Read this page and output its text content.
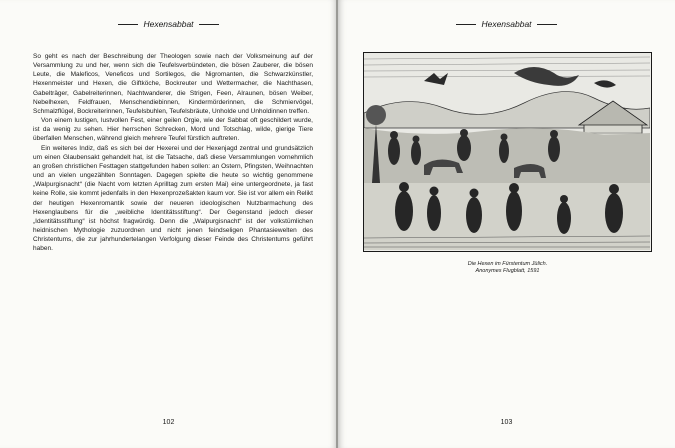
Hexensabbat

So geht es nach der Beschreibung der Theologen sowie nach der Volksmeinung auf der Versammlung zu und her, wenn sich die Teufelsverbündeten, die bösen Zauberer, die bösen Leute, die Maleficos, Veneficos und Sortilegos, die Nigromanten, die Schwarzkünstler, Hexenmeister und Hexen, die Giftköche, Bockreuter und Wettermacher, die Nachthasen, Gabelträger, Gabelreiterinnen, Nachtwanderer, die Strigen, Feen, Alraunen, bösen Weiber, Nebelhexen, Feldfrauen, Menschendiebinnen, Kindermörderinnen, die Schmiervögel, Schmalzflügel, Bockreiterinnen, Teufelsbuhlen, Teufelsbräute, Unholde und Unholdinnen treffen.

Von einem lustigen, lustvollen Fest, einer geilen Orgie, wie der Sabbat oft geschildert wurde, ist da wenig zu sehen. Hier herrschen Schrecken, Mord und Totschlag, wilde, gierige Tiere überfallen Menschen, während gleich mehrere Teufel fürstlich auftreten.

Ein weiteres Indiz, daß es sich bei der Hexerei und der Hexenjagd zentral und grundsätzlich um einen Glaubensakt gehandelt hat, ist die Tatsache, daß diese Versammlungen vornehmlich an großen christlichen Festtagen stattgefunden haben sollen: an Ostern, Pfingsten, Weihnachten und an vielen ungezählten Sonntagen. Dagegen spielte die heute so wichtig genommene „Walpurgisnacht“ (die Nacht vom letzten Aprilltag zum ersten Mai) eine untergeordnete, ja fast keine Rolle, sie kommt jedenfalls in den Hexenprozeßakten kaum vor. Sie ist vor allem ein Relikt der heutigen Hexenromantik sowie der neueren ideologischen Nutzbarmachung des Hexenglaubens für die „weibliche Identitätsstiftung“. Der Gegenstand jedoch dieser „Identitätsstiftung“ ist höchst fragwürdig. Denn die „Walpurgisnacht“ ist der volkstümlichen heidnischen Mythologie zuzuordnen und nicht jenen feindseligen Phantasiewelten des Christentums, die zur jahrhundertelangen Verfolgung dieser Feinde des Christentums geführt haben.

102
Hexensabbat
Die Hexen im Fürstentum Jülich.
Anonymes Flugblatt, 1591
103
